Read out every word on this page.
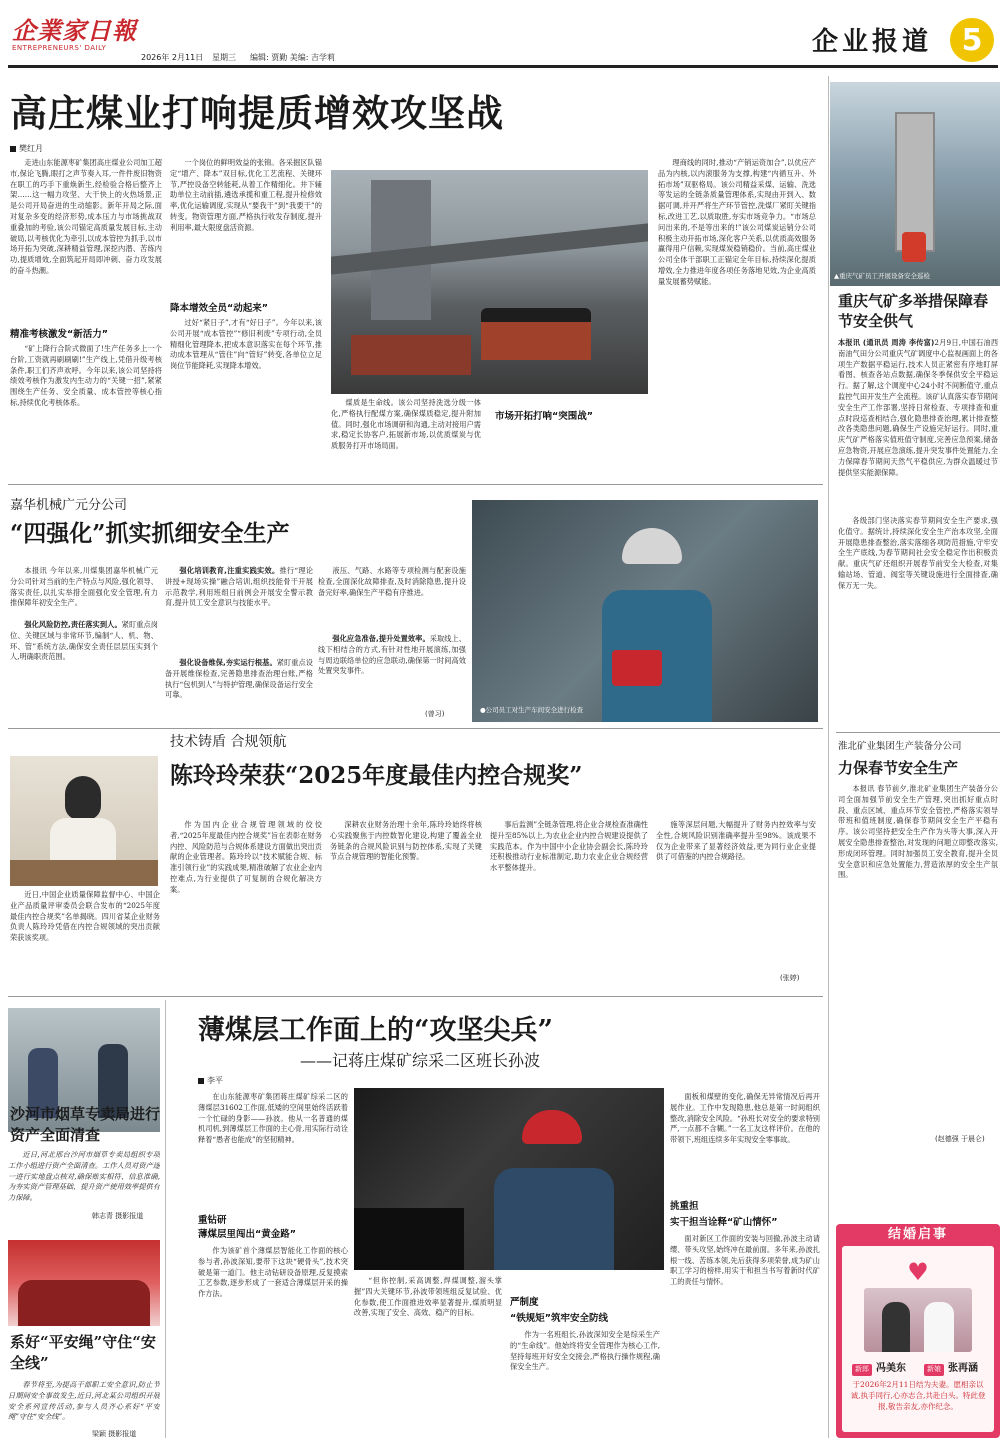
企業家日報
ENTREPRENEURS' DAILY
2026年 2月11日 星期三 编辑: 贾勤 美编: 吉学莉
企业报道 5
高庄煤业打响提质增效攻坚战
樊红月

走进山东能源枣矿集团高庄煤业公司加工超市,保论飞腾,眼打之声节奏入耳,一件件废旧物资在职工的巧手下重焕新生,经检验合格后整齐上架……这一幅力攻坚、大干快上的火热场景,正是公司开局奋进的生动缩影。新年开局之际,面对复杂多变的经济形势,成本压力与市场挑战双重叠加的考验,该公司锚定高质量发展目标,主动破局,以考核优化为牵引,以成本管控为抓手,以市场开拓为突破,深耕精益管理,深挖内潜、苦练内功,提质增效,全面筑起开局即冲刺、奋力攻发展的奋斗热潮。

精准考核激发“新活力”

“矿上降行合阶式微面了!生产任务多上一个台阶,工资就再刷刷刷!”生产线上,凭借升级考核条件,职工们齐声欢呼。今年以来,该公司坚持将绩效考核作为激发内生动力的“关键一招”,紧紧围绕生产任务、安全质量、成本管控等核心指标,持续优化考核体系。

一个岗位的鲜明效益的张锦。各采掘区队锚定“增产、降本”双目标,优化工艺流程、关键环节,严控设备空转能耗,从着工作精细化。井下辅助单位主动前插,遴选承揽和重工程,提升检修效率,优化运输调度,实现从“要我干”到“我要干”的转变。物资管理方面,严格执行收发存制度,提升利用率,最大限度盘活资源。

降本增效全员“动起来”

过好“紧日子”,才有“好日子”。今年以来,该公司开展“成本管控”“修旧利废”专项行动,全员精细化管理降本,把成本意识落实在每个环节,推动成本管理从“管住”向“管好”转变,各单位立足岗位节能降耗,实现降本增效。

煤质是生命线。该公司坚持洗选分级一体化,严格执行配煤方案,确保煤质稳定,提升附加值。同时,强化市场调研和沟通,主动对接用户需求,稳定长协客户,拓展新市场,以优质煤炭与优质服务打开市场局面。

市场开拓打响“突围战”

理商线的同时,推动“产销运资加合”,以优应产品为内核,以内滚服务为支撑,构建“内循互升、外拓市场”双驱格局。该公司精益采煤、运输、洗选等发运的全链条质量管理体系,实现由开到入、数据可调,并开严将生产环节管控,洗煤厂紧盯关键指标,改进工艺,以质取胜,夯实市场竞争力。“市场总问出来的,不是等出来的!”该公司煤炭运销分公司积极主动开拓市场,深化客户关系,以优质高效服务赢得用户信赖,实现煤炭稳销稳价。当前,高庄煤业公司全体干部职工正锚定全年目标,持续深化提质增效,全力推进年度各项任务落地见效,为企业高质量发展蓄势赋能。

▲重庆气矿员工开展设备安全巡检
重庆气矿多举措保障春节安全供气
本报讯 (通讯员 周涛 李传富)2月9日,中国石油西南油气田分公司重庆气矿调度中心监视画面上的各项生产数据平稳运行,技术人员正紧密有序地盯屏看图、核查各站点数据,确保冬季保供安全平稳运行。据了解,这个调度中心24小时不间断值守,重点监控气田开发生产全流程。该矿认真落实春节期间安全生产工作部署,坚持日常检查、专项排查和重点时段巡查相结合,强化隐患排查治理,累计排查整改各类隐患问题,确保生产设施完好运行。同时,重庆气矿严格落实值班值守制度,完善应急预案,储备应急物资,开展应急演练,提升突发事件处置能力,全力保障春节期间天然气平稳供应,为群众温暖过节提供坚实能源保障。
嘉华机械广元分公司
“四强化”抓实抓细安全生产

本报讯 今年以来,川煤集团嘉华机械广元分公司针对当前的生产特点与风险,强化领导、落实责任,以扎实举措全面强化安全管理,有力推保障年初安全生产。

强化风险防控,责任落实到人。紧盯重点岗位、关键区域与非常环节,编制“人、机、物、环、管”系统方法,确保安全责任层层压实到个人,明确职责范围。

强化培训教育,注重实践实效。推行“理论讲授+现场实操”融合培训,组织技能骨干开展示范教学,利用班组日前例会开展安全警示教育,提升员工安全意识与技能水平。

强化设备维保,夯实运行根基。紧盯重点设备开展维保检查,完善隐患排查治理台账,严格执行“包机到人”与特护管理,确保设备运行安全可靠。

液压、气路、水路等专项检测与配套设施检查,全面深化故障排查,及时消除隐患,提升设备完好率,确保生产平稳有序推进。

强化应急准备,提升处置效率。采取线上、线下相结合的方式,有针对性地开展演练,加强与周边联络单位的应急联动,确保第一时间高效处置突发事件。

(曾习)	●公司员工对生产车间安全进行检查

各级部门坚决落实春节期间安全生产要求,强化值守。据统计,持续深化安全生产治本攻坚,全面开展隐患排查整治,落实落细各项防范措施,守牢安全生产底线,为春节期间社会安全稳定作出积极贡献。重庆气矿还组织开展春节前安全大检查,对集输站场、管道、阀室等关键设施进行全面排查,确保万无一失。

技术铸盾 合规领航
陈玲玲荣获“2025年度最佳内控合规奖”

近日,中国企业质量保障监督中心、中国企业产品质量评审委员会联合发布的“2025年度最佳内控合规奖”名单揭晓。四川省某企业财务负责人陈玲玲凭借在内控合规领域的突出贡献荣获该奖项。

作为国内企业合规管理领域的佼佼者,“2025年度最佳内控合规奖”旨在表彰在财务内控、风险防范与合规体系建设方面做出突出贡献的企业管理者。陈玲玲以“技术赋能合规、标准引领行业”的实践成果,精准破解了农业企业内控难点,为行业提供了可复制的合规化解决方案。

深耕农业财务治理十余年,陈玲玲始终将核心实践聚焦于内控数智化建设,构建了覆盖全业务链条的合规风险识别与防控体系,实现了关键节点合规管理的智能化预警。

事后监测”全链条管理,将企业合规检查准确性提升至85%以上,为农业企业内控合规建设提供了实践范本。作为中国中小企业协会副会长,陈玲玲还积极推动行业标准制定,助力农业企业合规经营水平整体提升。

施等深层问题,大幅提升了财务内控效率与安全性,合规风险识别准确率提升至98%。该成果不仅为企业带来了显著经济效益,更为同行业企业提供了可借鉴的内控合规路径。

(张婷)
淮北矿业集团生产装备分公司
力保春节安全生产

本报讯 春节前夕,淮北矿业集团生产装备分公司全面加强节前安全生产管理,突出抓好重点时段、重点区域、重点环节安全管控,严格落实领导带班和值班制度,确保春节期间安全生产平稳有序。该公司坚持把安全生产作为头等大事,深入开展安全隐患排查整治,对发现的问题立即整改落实,形成闭环管理。同时加强员工安全教育,提升全员安全意识和应急处置能力,营造浓厚的安全生产氛围。

(赵德强 于晨仑)
沙河市烟草专卖局进行资产全面清查

近日,河北邢台沙河市烟草专卖局组织专项工作小组进行资产全面清查。工作人员对资产逐一进行实地盘点核对,确保账实相符、信息准确,为夯实资产管理基础、提升资产使用效率提供有力保障。

韩志青 摄影报道
系好“平安绳”守住“安全线”

春节将至,为提高干部职工安全意识,防止节日期间安全事故发生,近日,河北某公司组织开展安全系列宣传活动,参与人员齐心系好“平安绳”守住“安全线”。

梁颖 摄影报道
薄煤层工作面上的“攻坚尖兵”
——记蒋庄煤矿综采二区班长孙波
李平

在山东能源枣矿集团蒋庄煤矿综采二区的薄煤层31602工作面,低矮的空间里始终活跃着一个忙碌的身影——孙波。他从一名普通的煤机司机,到薄煤层工作面的主心骨,用实际行动诠释着“愚者也能成”的坚韧精神。

重钻研
薄煤层里闯出“黄金路”

作为该矿首个薄煤层智能化工作面的核心参与者,孙波深知,要带下这块“硬骨头”,技术突破是第一道门。他主动钻研设备原理,反复摸索工艺参数,逐步形成了一套适合薄煤层开采的操作方法。

“但你控制,采高调整,焊煤调整,溜头掌握”四大关键环节,孙波带领班组反复试验、优化参数,使工作面推进效率显著提升,煤质明显改善,实现了安全、高效、稳产的目标。

严制度
“铁规矩”筑牢安全防线

作为一名班组长,孙波深知安全是综采生产的“生命线”。他始终将安全管理作为核心工作,坚持每班开好安全交接会,严格执行操作规程,确保安全生产。

面板和煤壁的变化,确保无异常情况后再开展作业。工作中发现隐患,他总是第一时间组织整改,消除安全风险。“孙班长对安全的要求特别严,一点都不含糊。”一名工友这样评价。在他的带领下,班组连续多年实现安全零事故。

挑重担
实干担当诠释“矿山情怀”

面对新区工作面的安装与回撤,孙波主动请缨、带头攻坚,始终冲在最前面。多年来,孙波扎根一线、苦练本领,先后获得多项荣誉,成为矿山职工学习的榜样,用实干和担当书写着新时代矿工的责任与情怀。

结婚启事
♥
新郎 冯美东	新娘 张再涵
于2026年2月11日结为夫妻。愿相亲以诚,执手同行,心亦志合,共赴白头。特此登报,敬告亲友,亦作纪念。
